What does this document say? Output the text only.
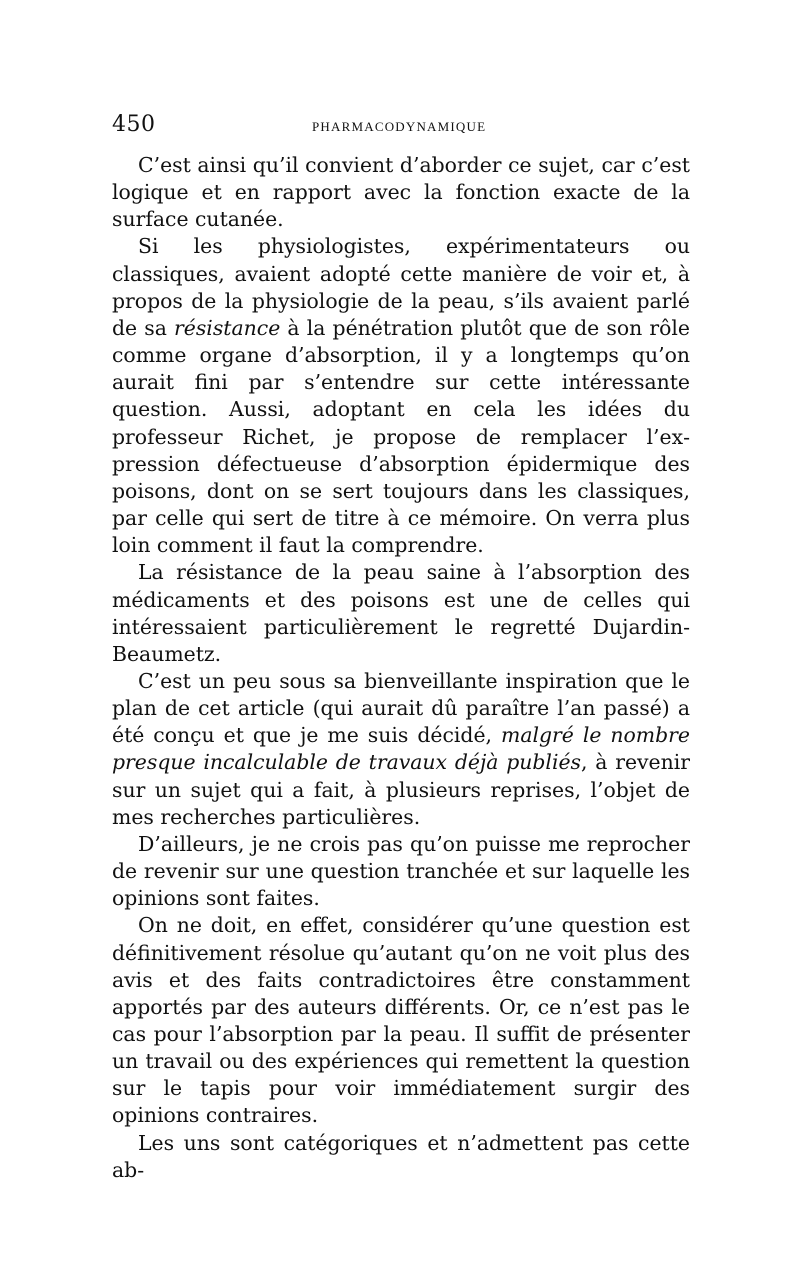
450	PHARMACODYNAMIQUE

C’est ainsi qu’il convient d’aborder ce sujet, car c’est logique et en rapport avec la fonction exacte de la surface cutanée.

Si les physiologistes, expérimentateurs ou classiques, avaient adopté cette manière de voir et, à propos de la physiologie de la peau, s’ils avaient parlé de sa résistance à la pénétration plutôt que de son rôle comme organe d’absorption, il y a longtemps qu’on aurait fini par s’entendre sur cette intéressante question. Aussi, adoptant en cela les idées du professeur Richet, je propose de remplacer l’expression défectueuse d’absorption épidermique des poisons, dont on se sert toujours dans les classiques, par celle qui sert de titre à ce mémoire. On verra plus loin comment il faut la comprendre.

La résistance de la peau saine à l’absorption des médicaments et des poisons est une de celles qui intéressaient particulièrement le regretté Dujardin-Beaumetz.

C’est un peu sous sa bienveillante inspiration que le plan de cet article (qui aurait dû paraître l’an passé) a été conçu et que je me suis décidé, malgré le nombre presque incalculable de travaux déjà publiés, à revenir sur un sujet qui a fait, à plusieurs reprises, l’objet de mes recherches particulières.

D’ailleurs, je ne crois pas qu’on puisse me reprocher de revenir sur une question tranchée et sur laquelle les opinions sont faites.

On ne doit, en effet, considérer qu’une question est définitivement résolue qu’autant qu’on ne voit plus des avis et des faits contradictoires être constamment apportés par des auteurs différents. Or, ce n’est pas le cas pour l’absorption par la peau. Il suffit de présenter un travail ou des expériences qui remettent la question sur le tapis pour voir immédiatement surgir des opinions contraires.

Les uns sont catégoriques et n’admettent pas cette ab-
